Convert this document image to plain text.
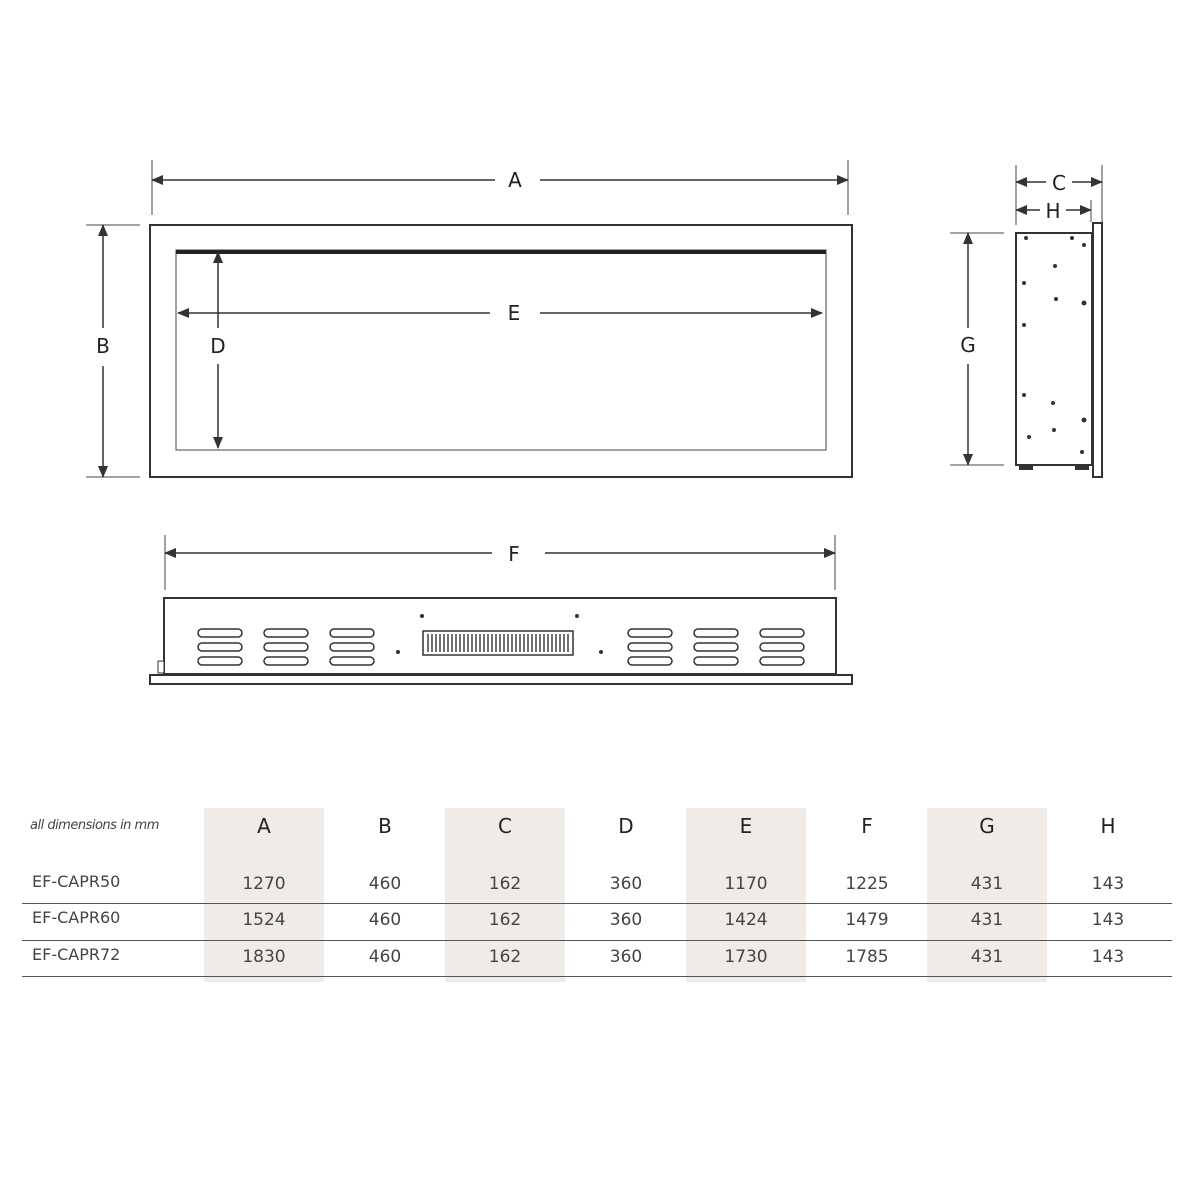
A
B	D
E
C
H
G
F
all dimensions in mm	A	B	C	D	E	F	G	H
EF-CAPR50	1270	460	162	360	1170	1225	431	143
EF-CAPR60	1524	460	162	360	1424	1479	431	143
EF-CAPR72	1830	460	162	360	1730	1785	431	143
